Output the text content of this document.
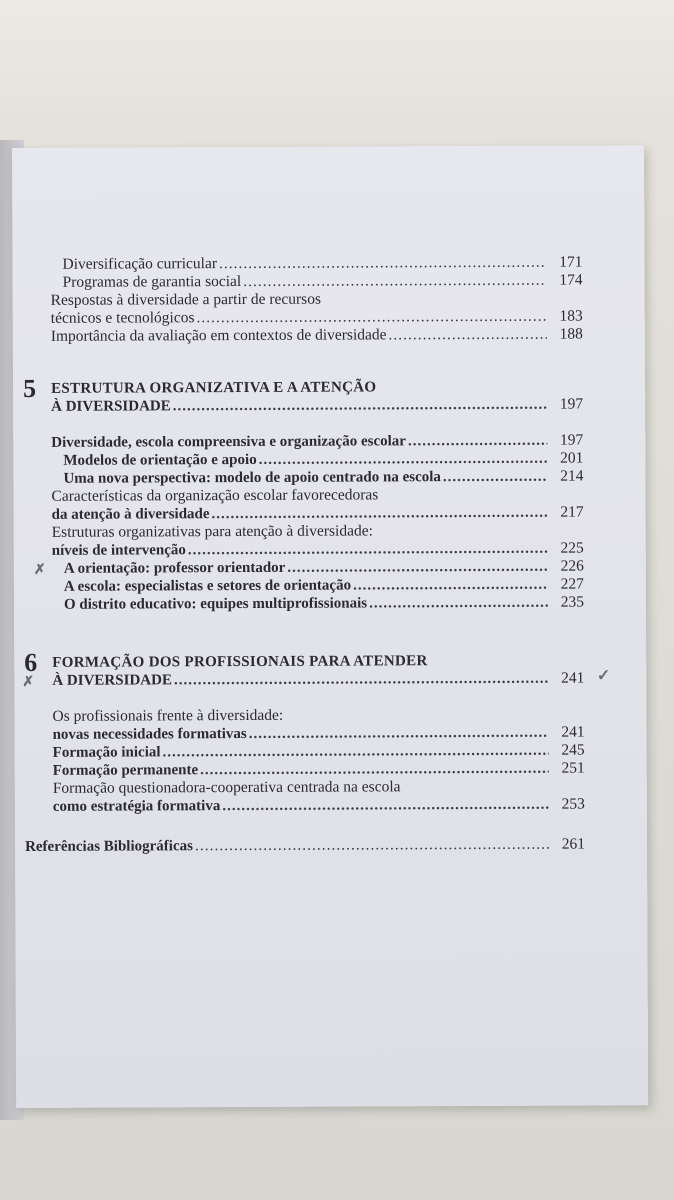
Diversificação curricular .....	171
Programas de garantia social .....	174
Respostas à diversidade a partir de recursos
técnicos e tecnológicos .....	183
Importância da avaliação em contextos de diversidade .....	188
5 ESTRUTURA ORGANIZATIVA E A ATENÇÃO
À DIVERSIDADE .....	197
Diversidade, escola compreensiva e organização escolar .....	197
Modelos de orientação e apoio .....	201
Uma nova perspectiva: modelo de apoio centrado na escola .....	214
Características da organização escolar favorecedoras
da atenção à diversidade .....	217
Estruturas organizativas para atenção à diversidade:
níveis de intervenção .....	225
✗ A orientação: professor orientador .....	226
A escola: especialistas e setores de orientação .....	227
O distrito educativo: equipes multiprofissionais .....	235
6 FORMAÇÃO DOS PROFISSIONAIS PARA ATENDER
✗ À DIVERSIDADE .....	241 ✓
Os profissionais frente à diversidade:
novas necessidades formativas .....	241
Formação inicial .....	245
Formação permanente .....	251
Formação questionadora-cooperativa centrada na escola
como estratégia formativa .....	253
Referências Bibliográficas .....	261
